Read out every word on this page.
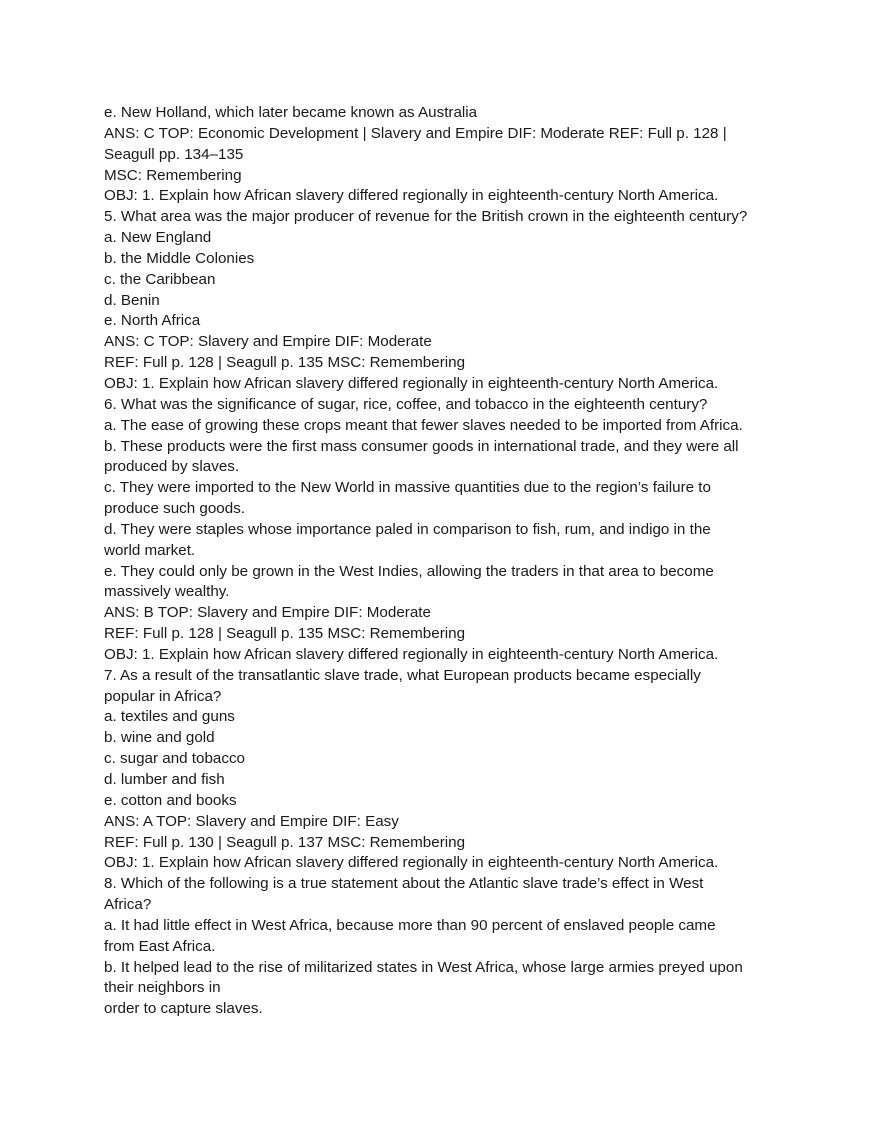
e. New Holland, which later became known as Australia
ANS: C TOP: Economic Development | Slavery and Empire DIF: Moderate REF: Full p. 128 |
Seagull pp. 134–135
MSC: Remembering
OBJ: 1. Explain how African slavery differed regionally in eighteenth-century North America.
5. What area was the major producer of revenue for the British crown in the eighteenth century?
a. New England
b. the Middle Colonies
c. the Caribbean
d. Benin
e. North Africa
ANS: C TOP: Slavery and Empire DIF: Moderate
REF: Full p. 128 | Seagull p. 135 MSC: Remembering
OBJ: 1. Explain how African slavery differed regionally in eighteenth-century North America.
6. What was the significance of sugar, rice, coffee, and tobacco in the eighteenth century?
a. The ease of growing these crops meant that fewer slaves needed to be imported from Africa.
b. These products were the first mass consumer goods in international trade, and they were all
produced by slaves.
c. They were imported to the New World in massive quantities due to the region’s failure to
produce such goods.
d. They were staples whose importance paled in comparison to fish, rum, and indigo in the
world market.
e. They could only be grown in the West Indies, allowing the traders in that area to become
massively wealthy.
ANS: B TOP: Slavery and Empire DIF: Moderate
REF: Full p. 128 | Seagull p. 135 MSC: Remembering
OBJ: 1. Explain how African slavery differed regionally in eighteenth-century North America.
7. As a result of the transatlantic slave trade, what European products became especially
popular in Africa?
a. textiles and guns
b. wine and gold
c. sugar and tobacco
d. lumber and fish
e. cotton and books
ANS: A TOP: Slavery and Empire DIF: Easy
REF: Full p. 130 | Seagull p. 137 MSC: Remembering
OBJ: 1. Explain how African slavery differed regionally in eighteenth-century North America.
8. Which of the following is a true statement about the Atlantic slave trade’s effect in West
Africa?
a. It had little effect in West Africa, because more than 90 percent of enslaved people came
from East Africa.
b. It helped lead to the rise of militarized states in West Africa, whose large armies preyed upon
their neighbors in
order to capture slaves.
